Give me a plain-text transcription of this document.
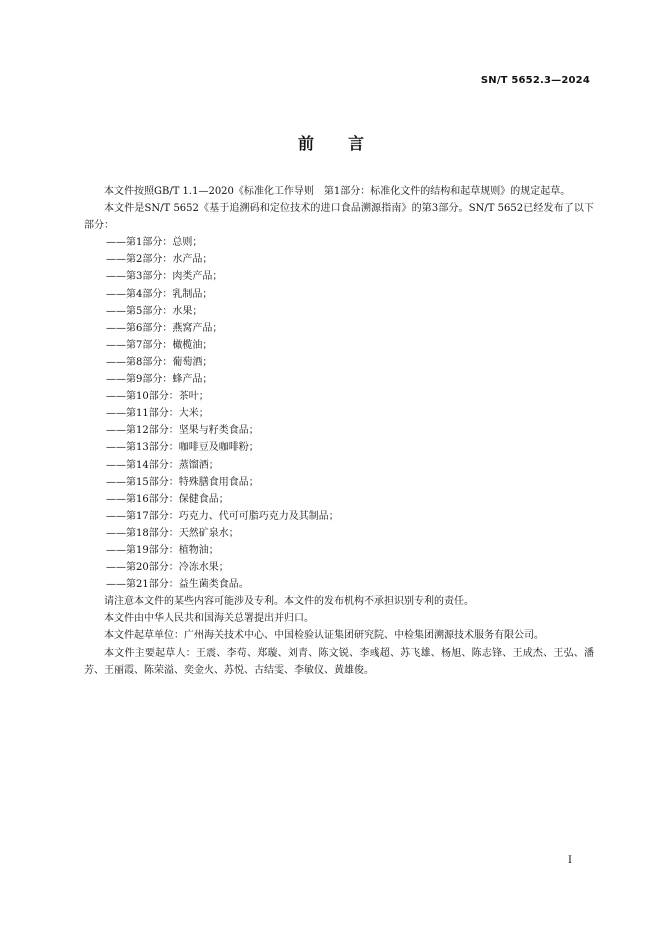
SN/T 5652.3—2024
前 言

本文件按照GB/T 1.1—2020《标准化工作导则　第1部分：标准化文件的结构和起草规则》的规定起草。

本文件是SN/T 5652《基于追溯码和定位技术的进口食品溯源指南》的第3部分。SN/T 5652已经发布了以下部分：

——第1部分：总则；
——第2部分：水产品；
——第3部分：肉类产品；
——第4部分：乳制品；
——第5部分：水果；
——第6部分：燕窝产品；
——第7部分：橄榄油；
——第8部分：葡萄酒；
——第9部分：蜂产品；
——第10部分：茶叶；
——第11部分：大米；
——第12部分：坚果与籽类食品；
——第13部分：咖啡豆及咖啡粉；
——第14部分：蒸馏酒；
——第15部分：特殊膳食用食品；
——第16部分：保健食品；
——第17部分：巧克力、代可可脂巧克力及其制品；
——第18部分：天然矿泉水；
——第19部分：植物油；
——第20部分：冷冻水果；
——第21部分：益生菌类食品。

请注意本文件的某些内容可能涉及专利。本文件的发布机构不承担识别专利的责任。

本文件由中华人民共和国海关总署提出并归口。

本文件起草单位：广州海关技术中心、中国检验认证集团研究院、中检集团溯源技术服务有限公司。

本文件主要起草人：王震、李苟、郑璇、刘青、陈文锐、李彧超、苏飞雄、杨旭、陈志锋、王成杰、王弘、潘芳、王丽霞、陈荣溢、奕金火、苏悦、古结雯、李敏仪、黄雄俊。

I
